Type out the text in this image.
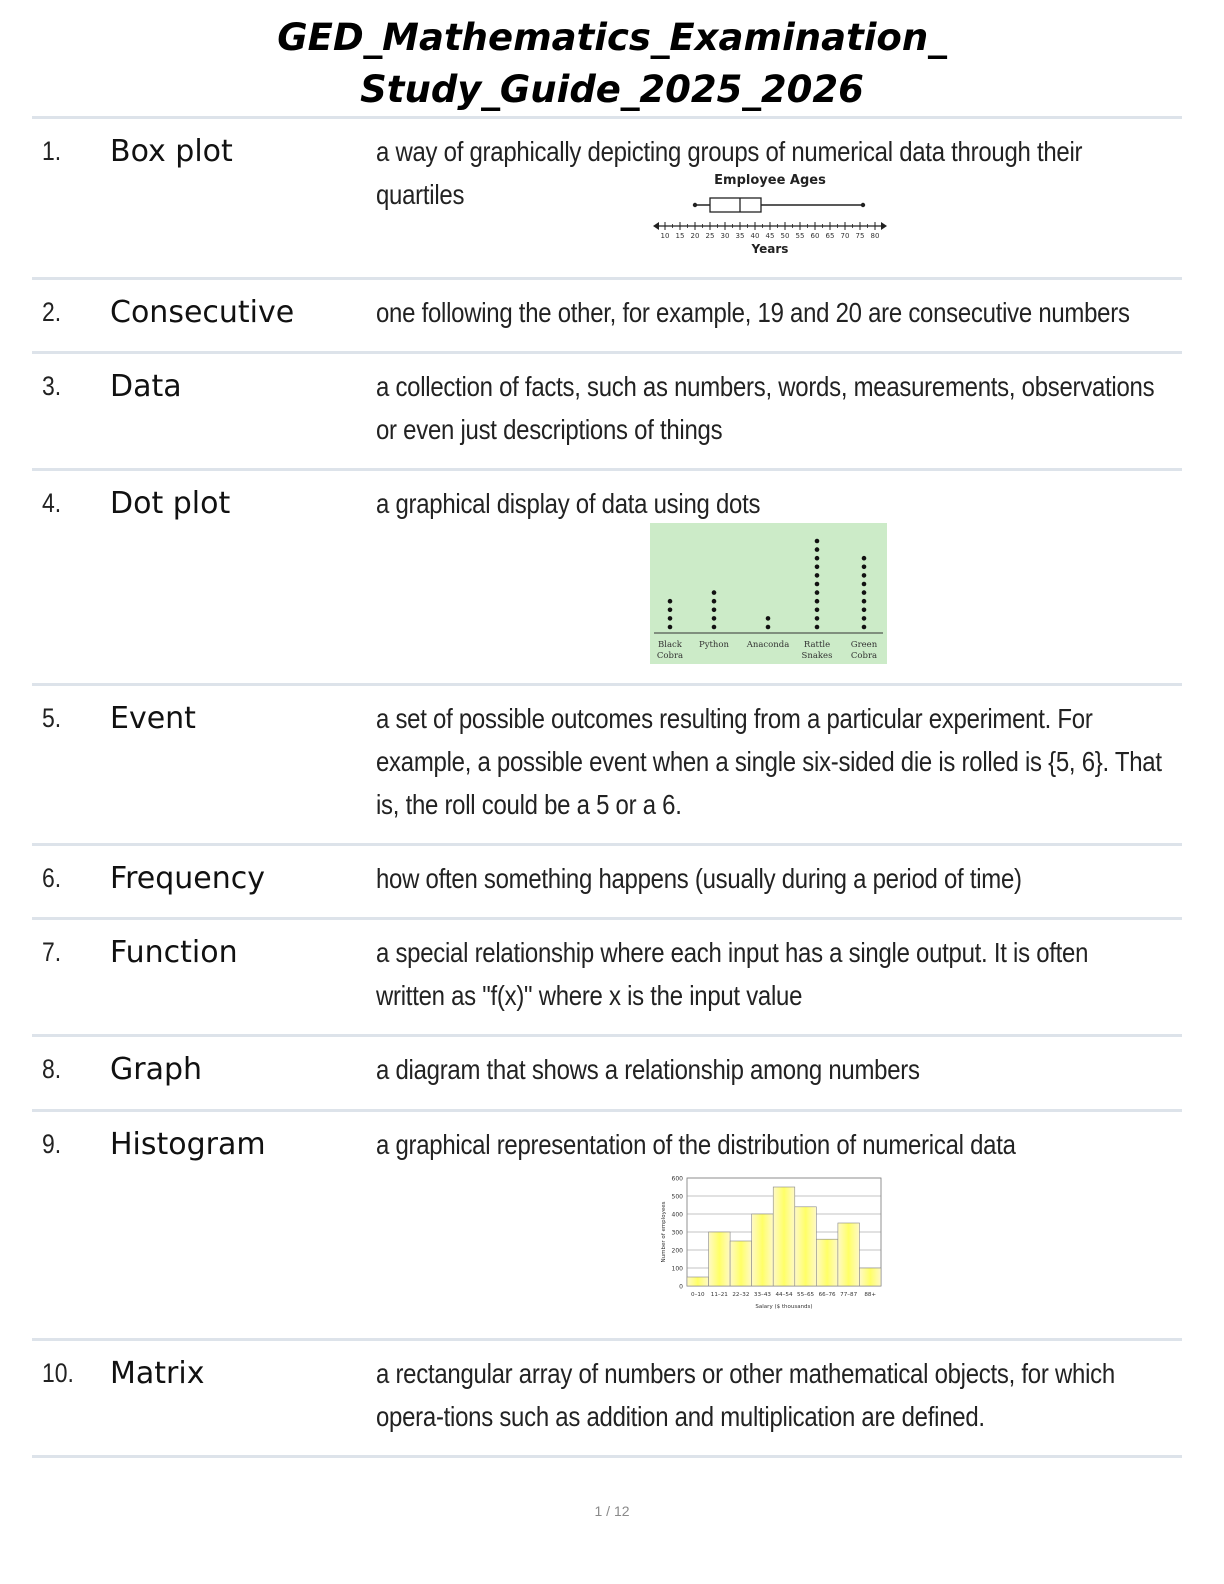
GED_Mathematics_Examination_
Study_Guide_2025_2026
1. Box plot	a way of graphically depicting groups of numerical data through their quartiles	Employee Ages
10 15 20 25 30 35 40 45 50 55 60 65 70 75 80
Years
2. Consecutive	one following the other, for example, 19 and 20 are consecutive numbers
3. Data	a collection of facts, such as numbers, words, measurements, observations or even just descriptions of things
4. Dot plot	a graphical display of data using dots
Black
Cobra
Python Anaconda Rattle
Snakes
Green
Cobra
5. Event	a set of possible outcomes resulting from a particular experiment. For example, a possible event when a single six-sided die is rolled is {5, 6}. That is, the roll could be a 5 or a 6.
6. Frequency	how often something happens (usually during a period of time)
7. Function	a special relationship where each input has a single output. It is often written as "f(x)" where x is the input value
8. Graph	a diagram that shows a relationship among numbers
9. Histogram	a graphical representation of the distribution of numerical data
0
100
200
300
400
500
600
0–10 11–21 22–32 33–43 44–54 55–65 66–76 77–87 88+
Number of employees
Salary ($ thousands)
10. Matrix	a rectangular array of numbers or other mathematical objects, for which opera-tions such as addition and multiplication are defined.
1 / 12
